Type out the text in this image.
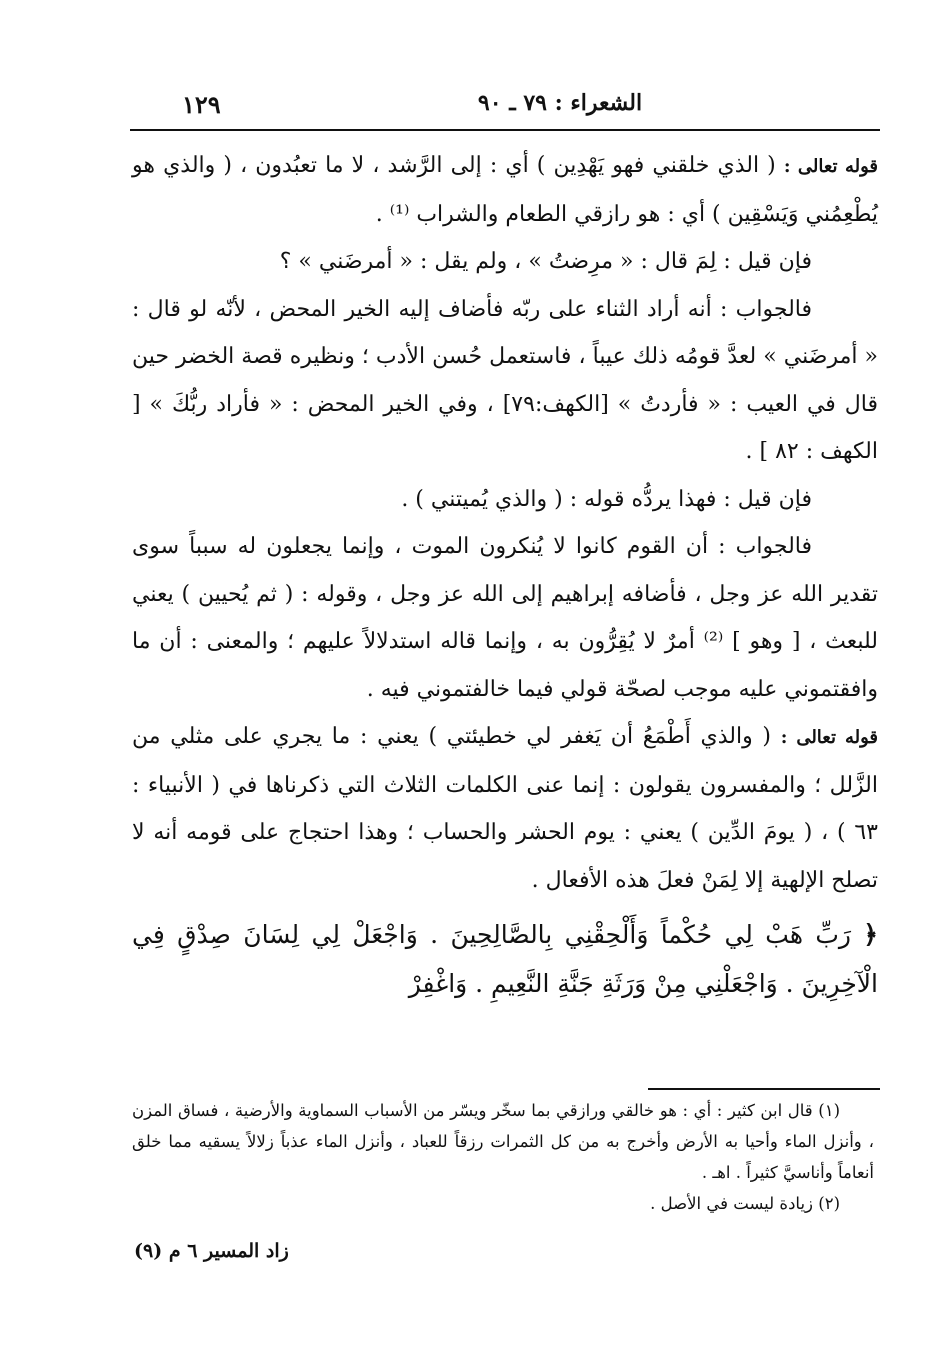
١٢٩	الشعراء : ٧٩ ـ ٩٠

قوله تعالى : ( الذي خلقني فهو يَهْدِين ) أي : إلى الرَّشد ، لا ما تعبُدون ، ( والذي هو يُطْعِمُني وَيَسْقِين ) أي : هو رازقي الطعام والشراب ⁽¹⁾ .

فإن قيل : لِمَ قال : « مرِضتُ » ، ولم يقل : « أمرضَني » ؟

فالجواب : أنه أراد الثناء على ربّه فأضاف إليه الخير المحض ، لأنّه لو قال : « أمرضَني » لعدَّ قومُه ذلك عيباً ، فاستعمل حُسن الأدب ؛ ونظيره قصة الخضر حين قال في العيب : « فأردتُ » [الكهف:٧٩] ، وفي الخير المحض : « فأراد ربُّكَ » [ الكهف : ٨٢ ] .

فإن قيل : فهذا يردُّه قوله : ( والذي يُميتني ) .

فالجواب : أن القوم كانوا لا يُنكرون الموت ، وإنما يجعلون له سبباً سوى تقدير الله عز وجل ، فأضافه إبراهيم إلى الله عز وجل ، وقوله : ( ثم يُحيين ) يعني للبعث ، [ وهو ] ⁽²⁾ أمرٌ لا يُقِرُّون به ، وإنما قاله استدلالاً عليهم ؛ والمعنى : أن ما وافقتموني عليه موجب لصحّة قولي فيما خالفتموني فيه .

قوله تعالى : ( والذي أَطْمَعُ أن يَغفر لي خطيئتي ) يعني : ما يجري على مثلي من الزَّلل ؛ والمفسرون يقولون : إنما عنى الكلمات الثلاث التي ذكرناها في ( الأنبياء : ٦٣ ) ، ( يومَ الدِّين ) يعني : يوم الحشر والحساب ؛ وهذا احتجاج على قومه أنه لا تصلح الإلهية إلا لِمَنْ فعلَ هذه الأفعال .

﴿ رَبِّ هَبْ لِي حُكْماً وَأَلْحِقْنِي بِالصَّالِحِينَ . وَاجْعَلْ لِي لِسَانَ صِدْقٍ فِي الْآخِرِينَ . وَاجْعَلْنِي مِنْ وَرَثَةِ جَنَّةِ النَّعِيمِ . وَاغْفِرْ

(١) قال ابن كثير : أي : هو خالقي ورازقي بما سخّر ويسّر من الأسباب السماوية والأرضية ، فساق المزن ، وأنزل الماء وأحيا به الأرض وأخرج به من كل الثمرات رزقاً للعباد ، وأنزل الماء عذباً زلالاً يسقيه مما خلق أنعاماً وأناسيَّ كثيراً . اهـ .

(٢) زيادة ليست في الأصل .

زاد المسير ٦ م (٩)
